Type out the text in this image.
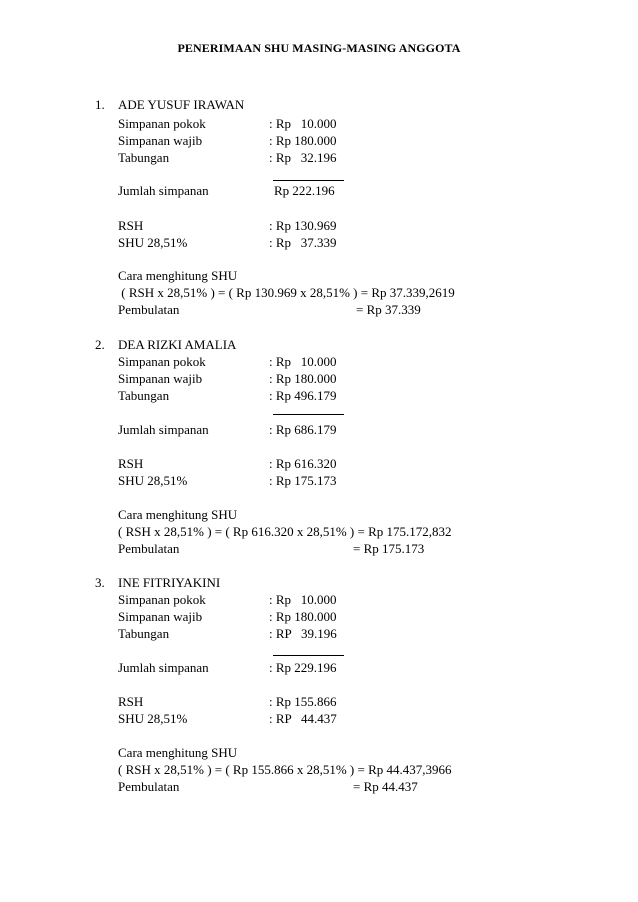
PENERIMAAN SHU MASING-MASING ANGGOTA
1. ADE YUSUF IRAWAN
Simpanan pokok	: Rp   10.000
Simpanan wajib	: Rp 180.000
Tabungan	: Rp   32.196
Jumlah simpanan	Rp 222.196
RSH	: Rp 130.969
SHU 28,51%	: Rp   37.339
Cara menghitung SHU
( RSH x 28,51% ) = ( Rp 130.969 x 28,51% ) = Rp 37.339,2619
Pembulatan	= Rp 37.339
2. DEA RIZKI AMALIA
Simpanan pokok	: Rp   10.000
Simpanan wajib	: Rp 180.000
Tabungan	: Rp 496.179
Jumlah simpanan	: Rp 686.179
RSH	: Rp 616.320
SHU 28,51%	: Rp 175.173
Cara menghitung SHU
( RSH x 28,51% ) = ( Rp 616.320 x 28,51% ) = Rp 175.172,832
Pembulatan	= Rp 175.173
3. INE FITRIYAKINI
Simpanan pokok	: Rp   10.000
Simpanan wajib	: Rp 180.000
Tabungan	: RP   39.196
Jumlah simpanan	: Rp 229.196
RSH	: Rp 155.866
SHU 28,51%	: RP   44.437
Cara menghitung SHU
( RSH x 28,51% ) = ( Rp 155.866 x 28,51% ) = Rp 44.437,3966
Pembulatan	= Rp 44.437
